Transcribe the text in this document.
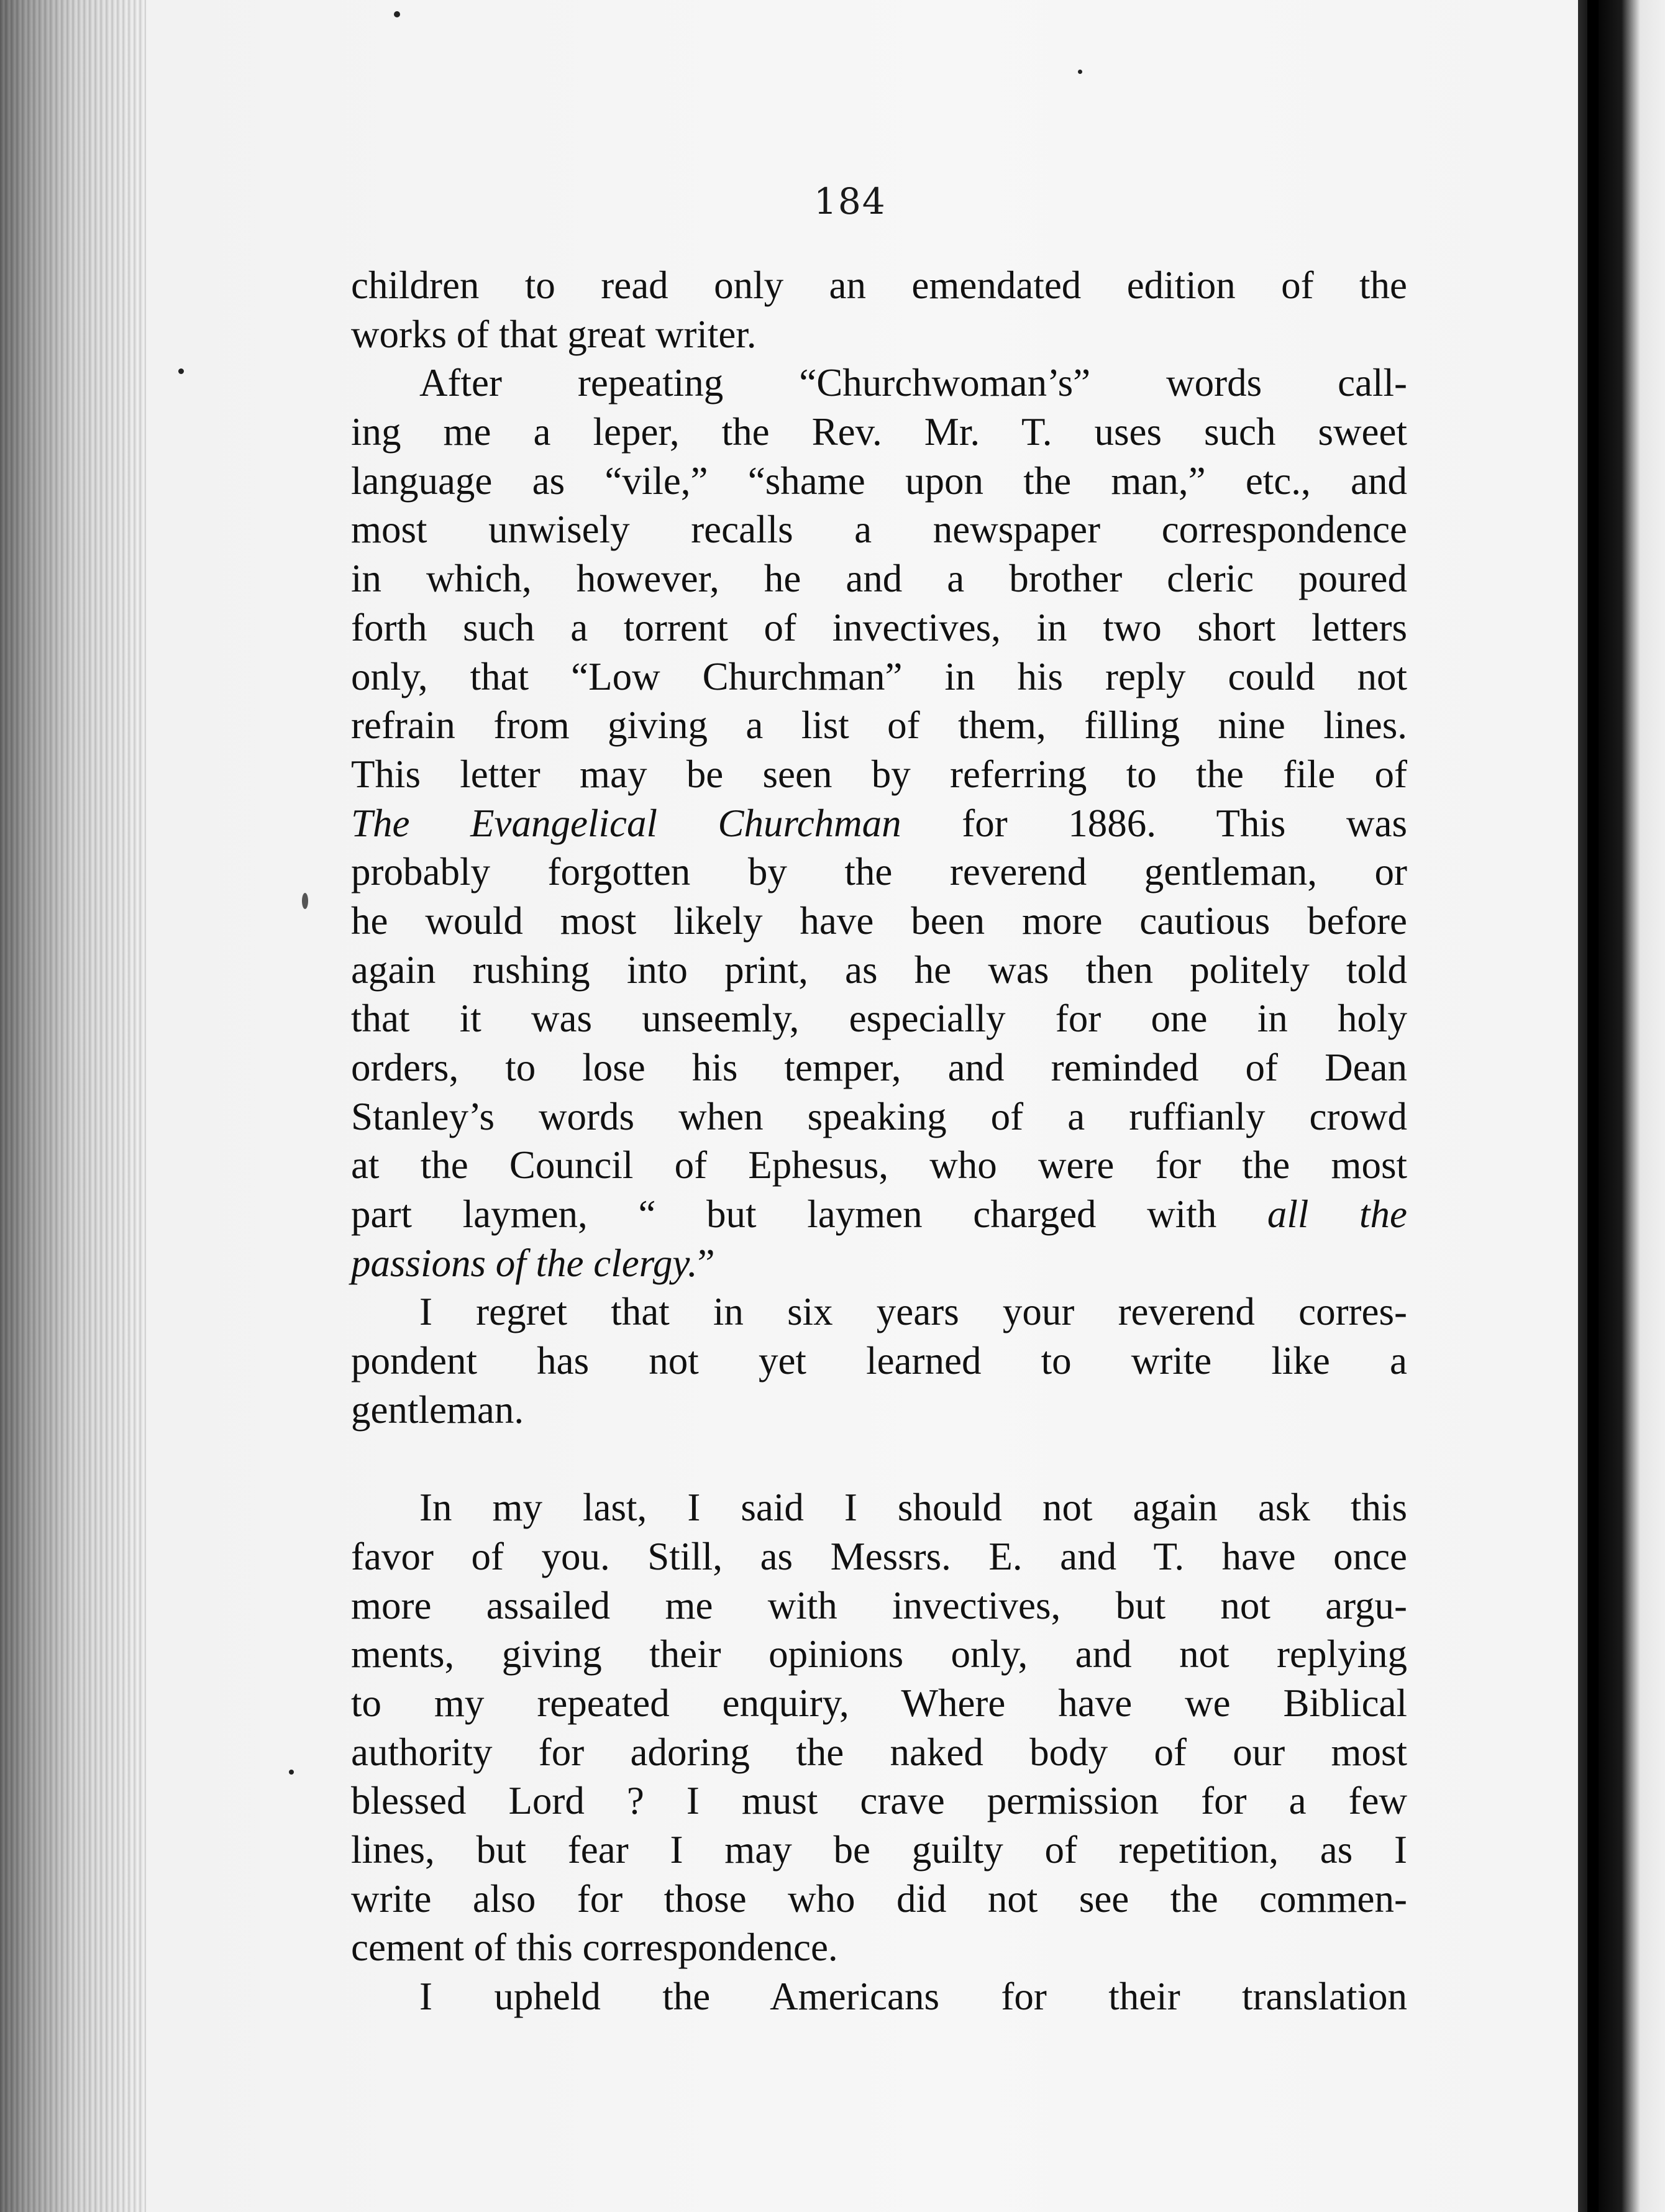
184
children to read only an emendated edition of the
works of that great writer.
After repeating “Churchwoman’s” words call-
ing me a leper, the Rev. Mr. T. uses such sweet
language as “vile,” “shame upon the man,” etc., and
most unwisely recalls a newspaper correspondence
in which, however, he and a brother cleric poured
forth such a torrent of invectives, in two short letters
only, that “Low Churchman” in his reply could not
refrain from giving a list of them, filling nine lines.
This letter may be seen by referring to the file of
The Evangelical Churchman for 1886. This was
probably forgotten by the reverend gentleman, or
he would most likely have been more cautious before
again rushing into print, as he was then politely told
that it was unseemly, especially for one in holy
orders, to lose his temper, and reminded of Dean
Stanley’s words when speaking of a ruffianly crowd
at the Council of Ephesus, who were for the most
part laymen, “ but laymen charged with all the
passions of the clergy.”
I regret that in six years your reverend corres-
pondent has not yet learned to write like a
gentleman.
In my last, I said I should not again ask this
favor of you. Still, as Messrs. E. and T. have once
more assailed me with invectives, but not argu-
ments, giving their opinions only, and not replying
to my repeated enquiry, Where have we Biblical
authority for adoring the naked body of our most
blessed Lord ? I must crave permission for a few
lines, but fear I may be guilty of repetition, as I
write also for those who did not see the commen-
cement of this correspondence.
I upheld the Americans for their translation
